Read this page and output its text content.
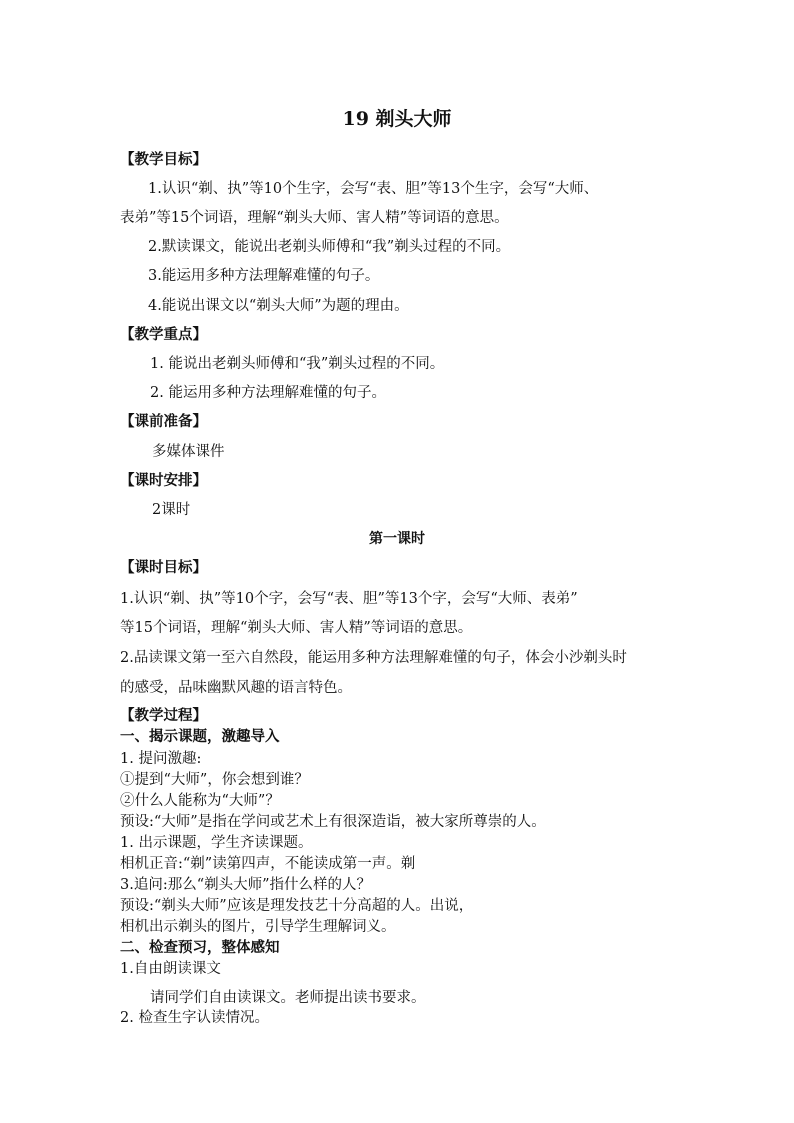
19 剃头大师
【教学目标】
1.认识“剃、执”等10个生字，会写“表、胆”等13个生字，会写“大师、
表弟”等15个词语，理解“剃头大师、害人精”等词语的意思。
2.默读课文，能说出老剃头师傅和“我”剃头过程的不同。
3.能运用多种方法理解难懂的句子。
4.能说出课文以“剃头大师”为题的理由。
【教学重点】
1. 能说出老剃头师傅和“我”剃头过程的不同。
2. 能运用多种方法理解难懂的句子。
【课前准备】
多媒体课件
【课时安排】
2课时
第一课时
【课时目标】
1.认识“剃、执”等10个字，会写“表、胆”等13个字，会写“大师、表弟”
等15个词语，理解“剃头大师、害人精”等词语的意思。
2.品读课文第一至六自然段，能运用多种方法理解难懂的句子，体会小沙剃头时
的感受，品味幽默风趣的语言特色。
【教学过程】
一、揭示课题，激趣导入
1. 提问激趣:
①提到“大师”，你会想到谁？
②什么人能称为“大师”？
预设:“大师”是指在学问或艺术上有很深造诣，被大家所尊崇的人。
1. 出示课题，学生齐读课题。
相机正音:“剃”读第四声，不能读成第一声。剃
3.追问:那么“剃头大师”指什么样的人？
预设:“剃头大师”应该是理发技艺十分高超的人。出说，
相机出示剃头的图片，引导学生理解词义。
二、检查预习，整体感知
1.自由朗读课文
请同学们自由读课文。老师提出读书要求。
2. 检查生字认读情况。
